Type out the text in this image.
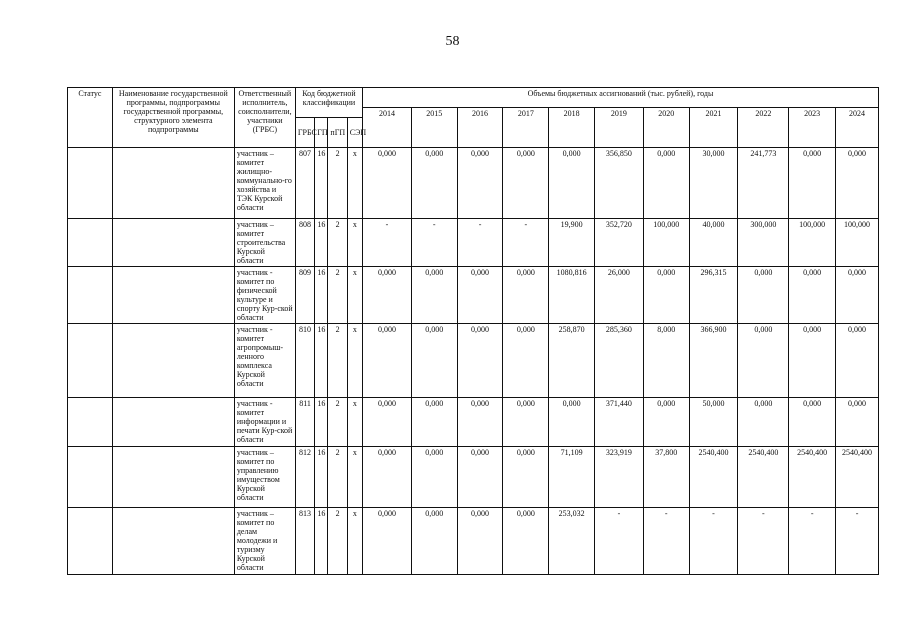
58
Статус	Наименование государственной программы, подпрограммы государственной программы, структурного элемента подпрограммы	Ответственный исполнитель, соисполнители, участники (ГРБС)	Код бюджетной классификации				Объемы бюджетных ассигнований (тыс. рублей), годы										
							2014	2015	2016	2017	2018	2019	2020	2021	2022	2023	2024
			ГРБС	ГП	пГП	СЭП											
		участник – комитет жилищно-коммунально-го хозяйства и ТЭК Курской области	807	16	2	х	0,000	0,000	0,000	0,000	0,000	356,850	0,000	30,000	241,773	0,000	0,000
		участник – комитет строительства Курской области	808	16	2	х	-	-	-	-	19,900	352,720	100,000	40,000	300,000	100,000	100,000
		участник - комитет по физической культуре и спорту Кур-ской области	809	16	2	х	0,000	0,000	0,000	0,000	1080,816	26,000	0,000	296,315	0,000	0,000	0,000
		участник - комитет агропромыш-ленного комплекса Курской области	810	16	2	х	0,000	0,000	0,000	0,000	258,870	285,360	8,000	366,900	0,000	0,000	0,000
		участник - комитет информации и печати Кур-ской области	811	16	2	х	0,000	0,000	0,000	0,000	0,000	371,440	0,000	50,000	0,000	0,000	0,000
		участник – комитет по управлению имуществом Курской области	812	16	2	х	0,000	0,000	0,000	0,000	71,109	323,919	37,800	2540,400	2540,400	2540,400	2540,400
		участник – комитет по делам молодежи и туризму Курской области	813	16	2	х	0,000	0,000	0,000	0,000	253,032	-	-	-	-	-	-
